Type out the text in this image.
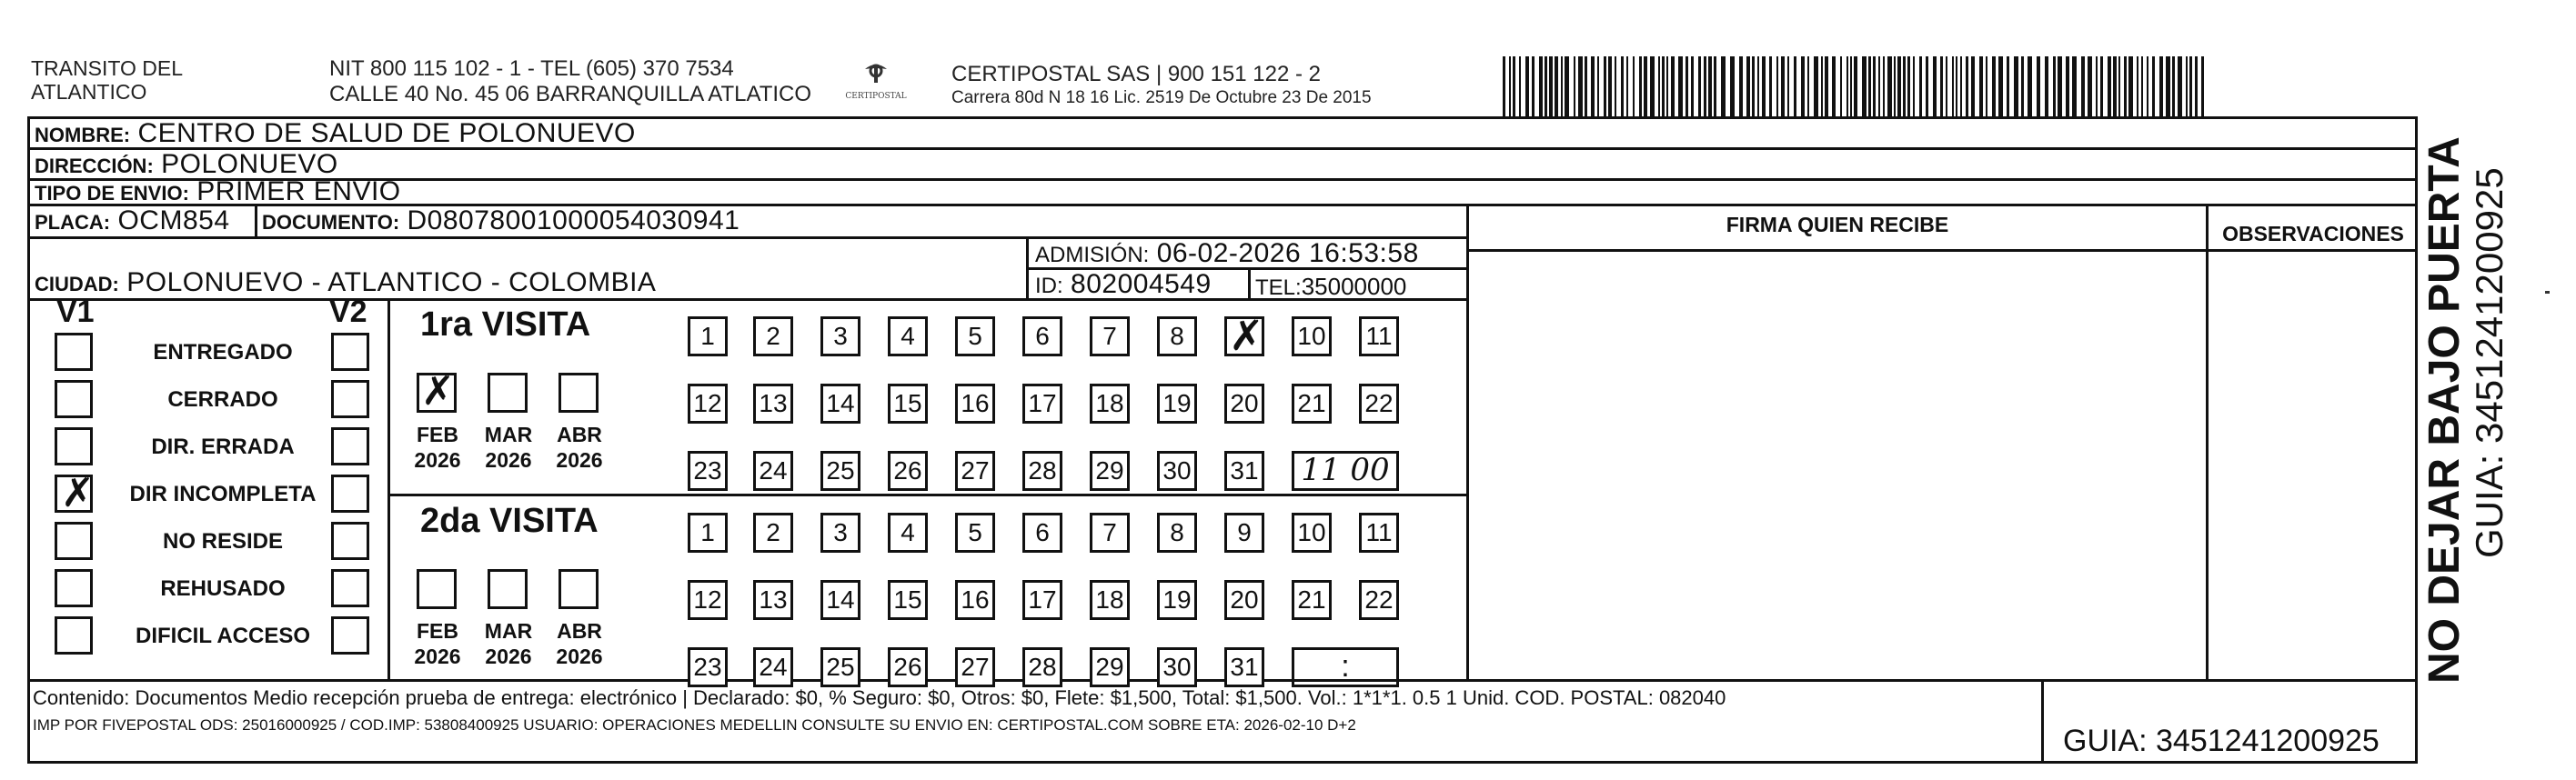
TRANSITO DEL
ATLANTICO
NIT 800 115 102 - 1 - TEL (605) 370 7534
CALLE 40 No. 45 06 BARRANQUILLA ATLATICO	CERTIPOSTAL
CERTIPOSTAL SAS | 900 151 122 - 2
Carrera 80d N 18 16 Lic. 2519 De Octubre 23 De 2015
NOMBRE: CENTRO DE SALUD DE POLONUEVO
DIRECCIÓN: POLONUEVO
TIPO DE ENVIO: PRIMER ENVIO
PLACA: OCM854 DOCUMENTO: D08078001000054030941
ADMISIÓN: 06-02-2026 16:53:58
CIUDAD: POLONUEVO - ATLANTICO - COLOMBIA	ID: 802004549 TEL:35000000
FIRMA QUIEN RECIBE	OBSERVACIONES
V1	V2
ENTREGADO
CERRADO
DIR. ERRADA
✗ DIR INCOMPLETA
NO RESIDE
REHUSADO
DIFICIL ACCESO
1ra VISITA
✗
FEB
2026
MAR
2026
ABR
2026
1	2	3	4	5	6	7	8	✗ 10 11
12 13 14 15 16 17 18 19 20 21 22
23 24 25 26 27 28 29 30 31	11 00
2da VISITA
FEB
2026
MAR
2026
ABR
2026
1	2	3	4	5	6	7	8	9	10 11
12 13 14 15 16 17 18 19 20 21 22
23 24 25 26 27 28 29 30 31	:
Contenido: Documentos Medio recepción prueba de entrega: electrónico | Declarado: $0, % Seguro: $0, Otros: $0, Flete: $1,500, Total: $1,500. Vol.: 1*1*1. 0.5 1 Unid. COD. POSTAL: 082040
IMP POR FIVEPOSTAL ODS: 25016000925 / COD.IMP: 53808400925 USUARIO: OPERACIONES MEDELLIN CONSULTE SU ENVIO EN: CERTIPOSTAL.COM SOBRE ETA: 2026-02-10 D+2	GUIA: 3451241200925
NO DEJAR BAJO PUERTA GUIA: 3451241200925
